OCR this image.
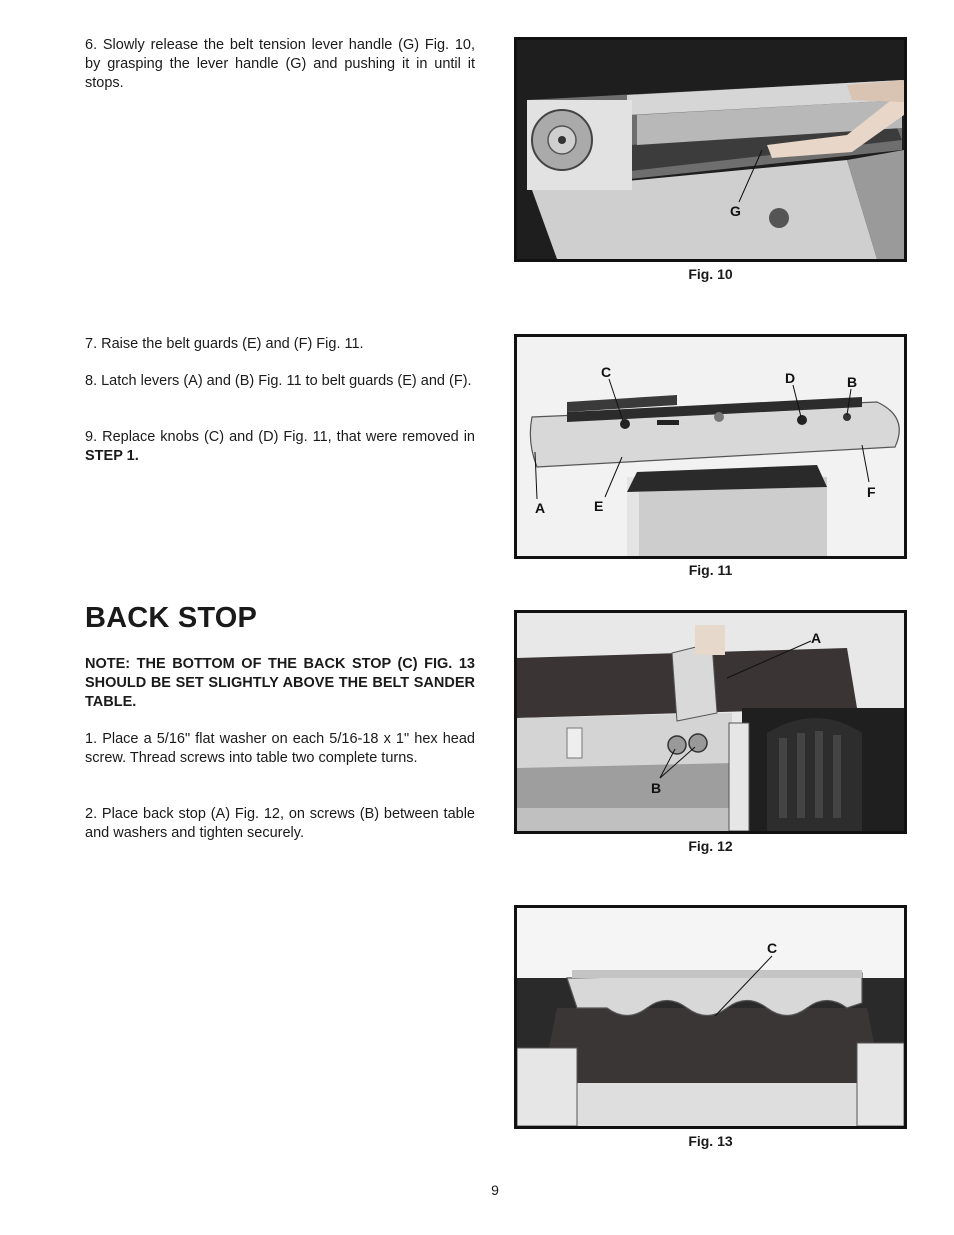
6. Slowly release the belt tension lever handle (G) Fig. 10, by grasping the lever handle (G) and pushing it in until it stops.

7. Raise the belt guards (E) and (F) Fig. 11.

8. Latch levers (A) and (B) Fig. 11 to belt guards (E) and (F).

9. Replace knobs (C) and (D) Fig. 11, that were removed in STEP 1.

BACK STOP

NOTE: THE BOTTOM OF THE BACK STOP (C) FIG. 13 SHOULD BE SET SLIGHTLY ABOVE THE BELT SANDER TABLE.

1. Place a 5/16" flat washer on each 5/16-18 x 1" hex head screw. Thread screws into table two complete turns.

2. Place back stop (A) Fig. 12, on screws (B) between table and washers and tighten securely.

G
Fig. 10
C	D	B
A	E
F
Fig. 11
A
B
Fig. 12
C
Fig. 13
9
